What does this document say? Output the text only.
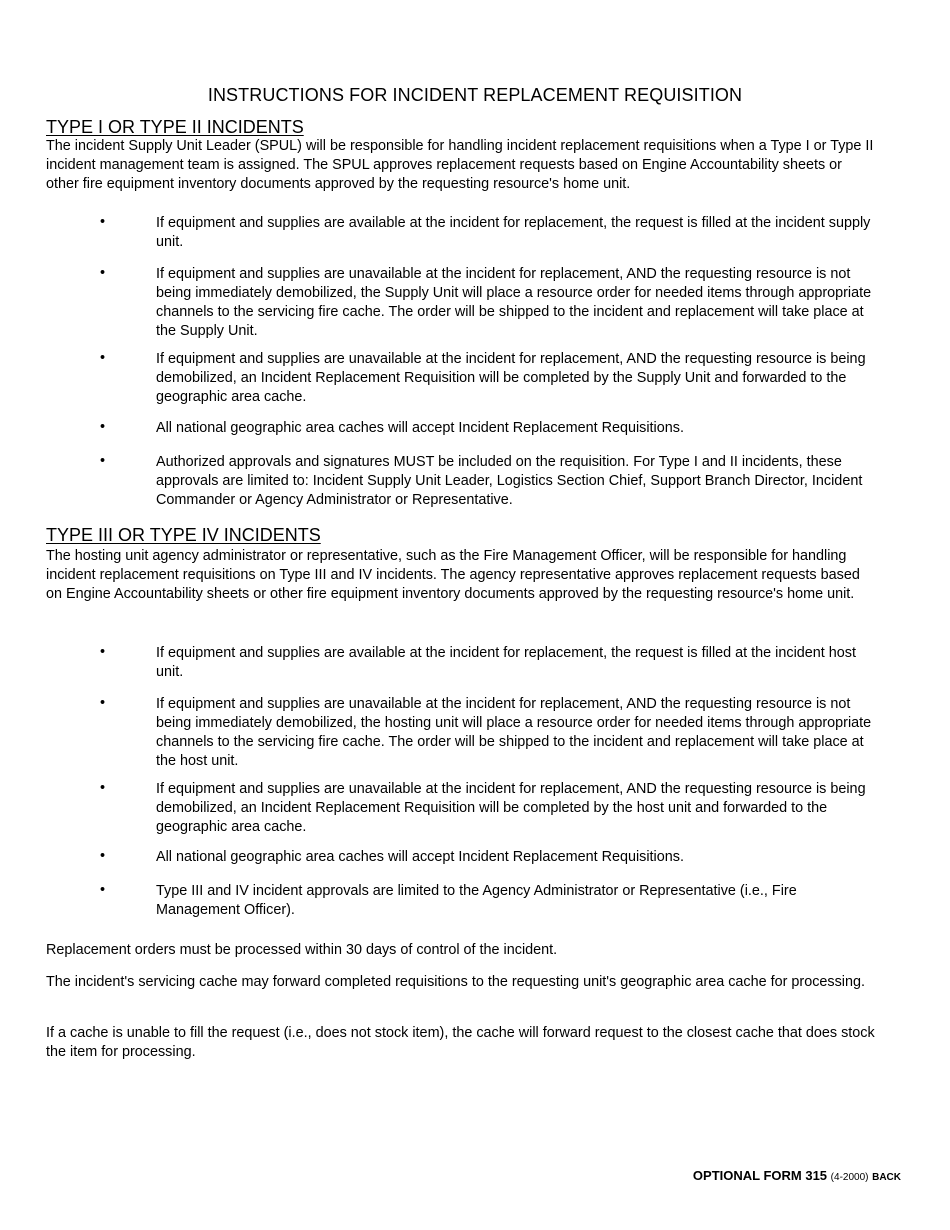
INSTRUCTIONS FOR INCIDENT REPLACEMENT REQUISITION
TYPE I OR TYPE II INCIDENTS
The incident Supply Unit Leader (SPUL) will be responsible for handling incident replacement requisitions when a Type I or Type II incident management team is assigned. The SPUL approves replacement requests based on Engine Accountability sheets or other fire equipment inventory documents approved by the requesting resource's home unit.
•	If equipment and supplies are available at the incident for replacement, the request is filled at the incident supply unit.
•	If equipment and supplies are unavailable at the incident for replacement, AND the requesting resource is not being immediately demobilized, the Supply Unit will place a resource order for needed items through appropriate channels to the servicing fire cache. The order will be shipped to the incident and replacement will take place at the Supply Unit.
•	If equipment and supplies are unavailable at the incident for replacement, AND the requesting resource is being demobilized, an Incident Replacement Requisition will be completed by the Supply Unit and forwarded to the geographic area cache.
•	All national geographic area caches will accept Incident Replacement Requisitions.
•	Authorized approvals and signatures MUST be included on the requisition. For Type I and II incidents, these approvals are limited to: Incident Supply Unit Leader, Logistics Section Chief, Support Branch Director, Incident Commander or Agency Administrator or Representative.
TYPE III OR TYPE IV INCIDENTS
The hosting unit agency administrator or representative, such as the Fire Management Officer, will be responsible for handling incident replacement requisitions on Type III and IV incidents. The agency representative approves replacement requests based on Engine Accountability sheets or other fire equipment inventory documents approved by the requesting resource's home unit.
•	If equipment and supplies are available at the incident for replacement, the request is filled at the incident host unit.
•	If equipment and supplies are unavailable at the incident for replacement, AND the requesting resource is not being immediately demobilized, the hosting unit will place a resource order for needed items through appropriate channels to the servicing fire cache. The order will be shipped to the incident and replacement will take place at the host unit.
•	If equipment and supplies are unavailable at the incident for replacement, AND the requesting resource is being demobilized, an Incident Replacement Requisition will be completed by the host unit and forwarded to the geographic area cache.
•	All national geographic area caches will accept Incident Replacement Requisitions.
•	Type III and IV incident approvals are limited to the Agency Administrator or Representative (i.e., Fire Management Officer).
Replacement orders must be processed within 30 days of control of the incident.
The incident's servicing cache may forward completed requisitions to the requesting unit's geographic area cache for processing.
If a cache is unable to fill the request (i.e., does not stock item), the cache will forward request to the closest cache that does stock the item for processing.
OPTIONAL FORM 315 (4-2000) BACK
